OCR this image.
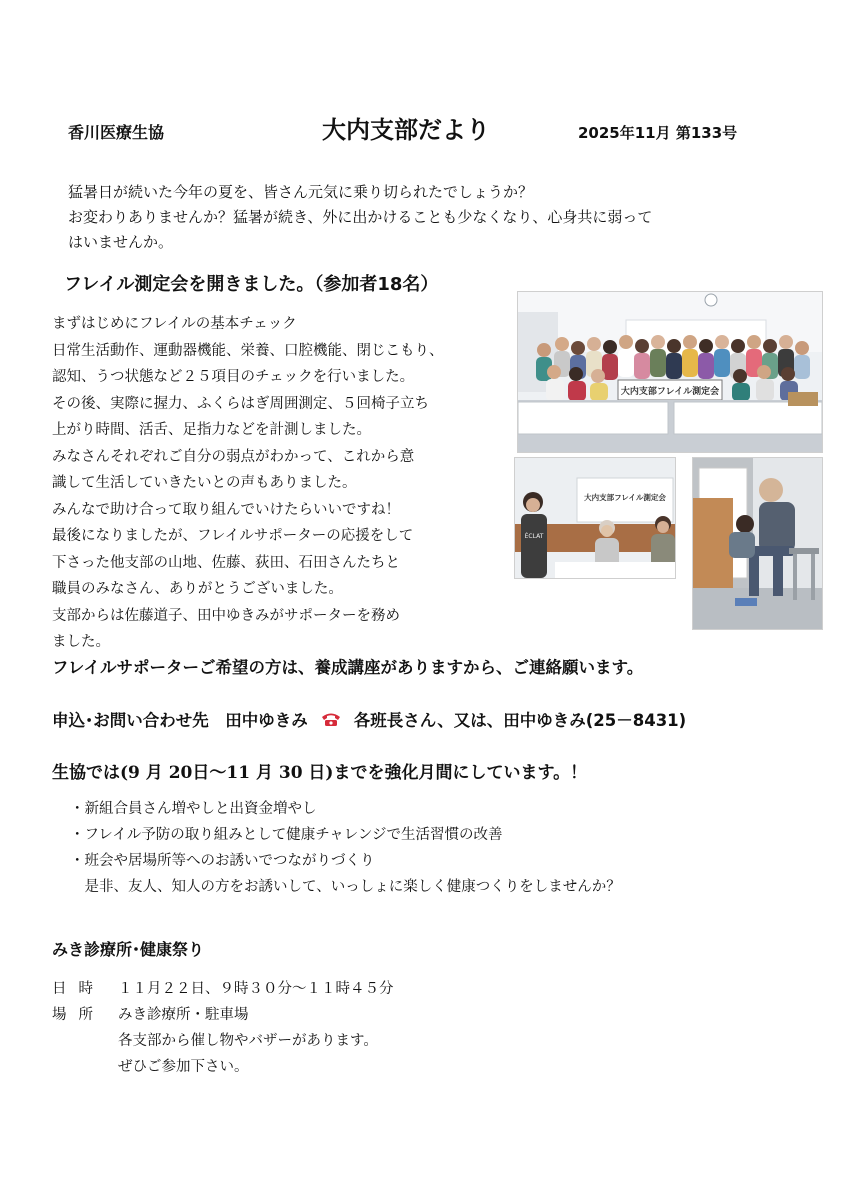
香川医療生協	大内支部だより	2025年11月 第133号
猛暑日が続いた今年の夏を、皆さん元気に乗り切られたでしょうか？
お変わりありませんか？猛暑が続き、外に出かけることも少なくなり、心身共に弱って
はいませんか。
フレイル測定会を開きました。（参加者18名）
まずはじめにフレイルの基本チェック
日常生活動作、運動器機能、栄養、口腔機能、閉じこもり、
認知、うつ状態など２５項目のチェックを行いました。
その後、実際に握力、ふくらはぎ周囲測定、５回椅子立ち
上がり時間、活舌、足指力などを計測しました。
みなさんそれぞれご自分の弱点がわかって、これから意
識して生活していきたいとの声もありました。
みんなで助け合って取り組んでいけたらいいですね！
最後になりましたが、フレイルサポーターの応援をして
下さった他支部の山地、佐藤、荻田、石田さんたちと
職員のみなさん、ありがとうございました。
支部からは佐藤道子、田中ゆきみがサポーターを務め
ました。
大内支部フレイル測定会
大内支部フレイル測定会
ÉCLAT
フレイルサポーターご希望の方は、養成講座がありますから、ご連絡願います。
申込･お問い合わせ先　田中ゆきみ	各班長さん、又は、田中ゆきみ(25－8431)
生協では(9 月 20日～11 月 30 日)までを強化月間にしています。！
・新組合員さん増やしと出資金増やし
・フレイル予防の取り組みとして健康チャレンジで生活習慣の改善
・班会や居場所等へのお誘いでつながりづくり
　是非、友人、知人の方をお誘いして、いっしょに楽しく健康つくりをしませんか？
みき診療所･健康祭り
日時 １１月２２日、９時３０分～１１時４５分
場所 みき診療所・駐車場
各支部から催し物やバザーがあります。
ぜひご参加下さい。
